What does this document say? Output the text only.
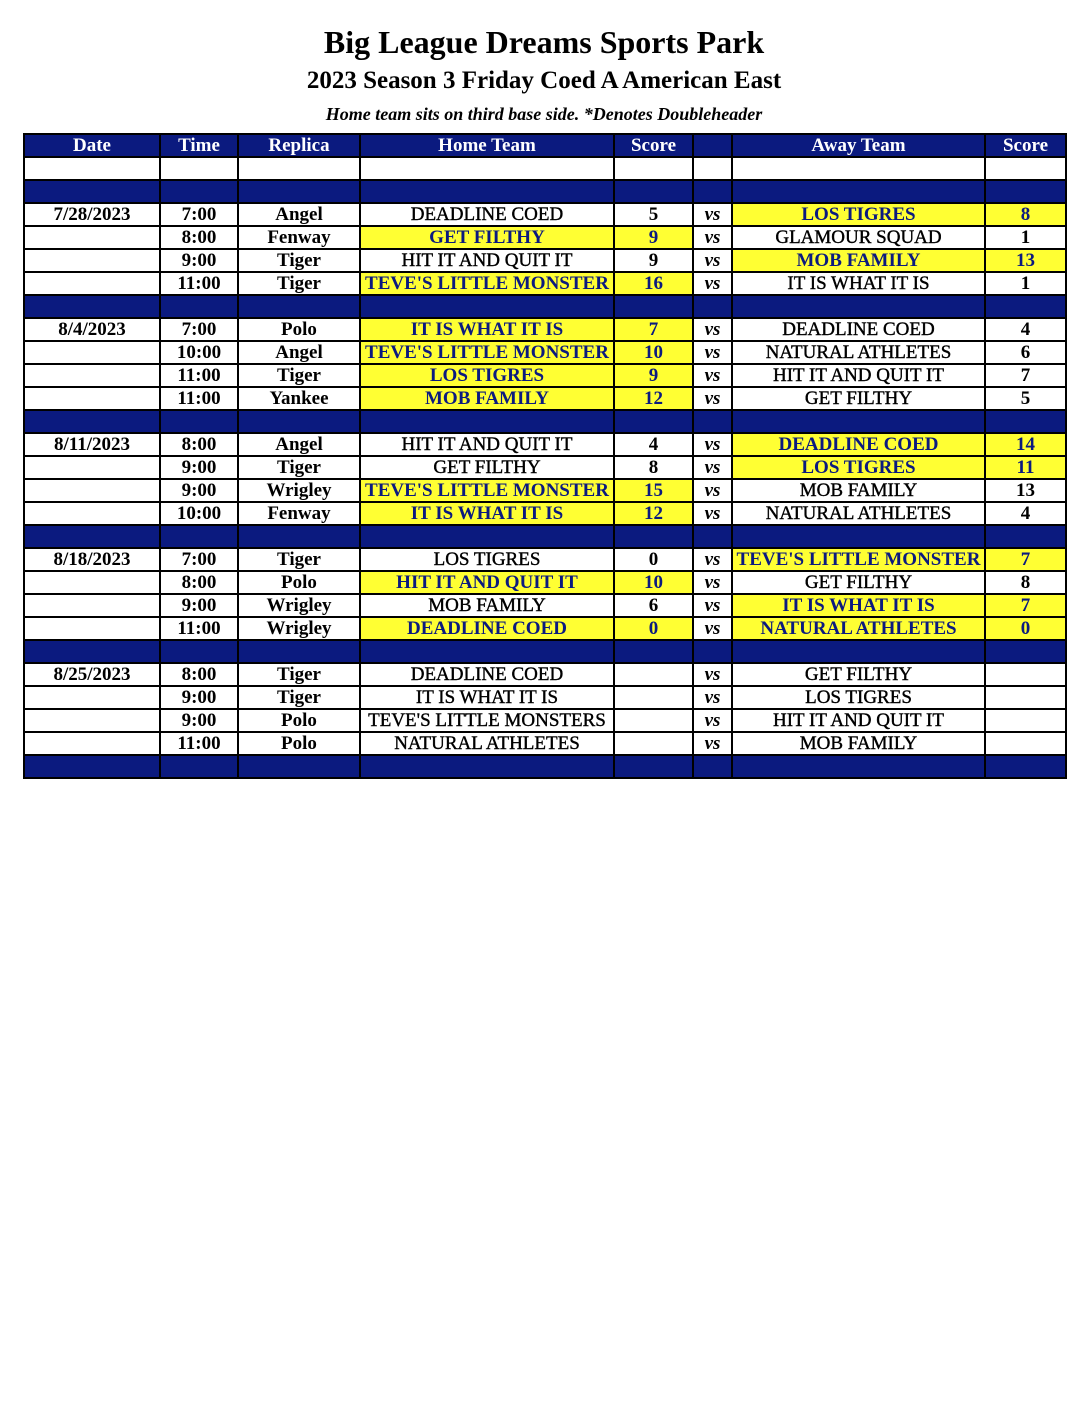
Big League Dreams Sports Park
2023 Season 3 Friday Coed A American East
Home team sits on third base side. *Denotes Doubleheader
Date	Time	Replica	Home Team	Score		Away Team	Score

7/28/2023	7:00	Angel	DEADLINE COED	5	vs	LOS TIGRES	8
	8:00	Fenway	GET FILTHY	9	vs	GLAMOUR SQUAD	1
	9:00	Tiger	HIT IT AND QUIT IT	9	vs	MOB FAMILY	13
	11:00	Tiger	TEVE'S LITTLE MONSTER	16	vs	IT IS WHAT IT IS	1

8/4/2023	7:00	Polo	IT IS WHAT IT IS	7	vs	DEADLINE COED	4
	10:00	Angel	TEVE'S LITTLE MONSTER	10	vs	NATURAL ATHLETES	6
	11:00	Tiger	LOS TIGRES	9	vs	HIT IT AND QUIT IT	7
	11:00	Yankee	MOB FAMILY	12	vs	GET FILTHY	5

8/11/2023	8:00	Angel	HIT IT AND QUIT IT	4	vs	DEADLINE COED	14
	9:00	Tiger	GET FILTHY	8	vs	LOS TIGRES	11
	9:00	Wrigley	TEVE'S LITTLE MONSTER	15	vs	MOB FAMILY	13
	10:00	Fenway	IT IS WHAT IT IS	12	vs	NATURAL ATHLETES	4

8/18/2023	7:00	Tiger	LOS TIGRES	0	vs	TEVE'S LITTLE MONSTER	7
	8:00	Polo	HIT IT AND QUIT IT	10	vs	GET FILTHY	8
	9:00	Wrigley	MOB FAMILY	6	vs	IT IS WHAT IT IS	7
	11:00	Wrigley	DEADLINE COED	0	vs	NATURAL ATHLETES	0

8/25/2023	8:00	Tiger	DEADLINE COED		vs	GET FILTHY	
	9:00	Tiger	IT IS WHAT IT IS		vs	LOS TIGRES	
	9:00	Polo	TEVE'S LITTLE MONSTERS		vs	HIT IT AND QUIT IT	
	11:00	Polo	NATURAL ATHLETES		vs	MOB FAMILY	
